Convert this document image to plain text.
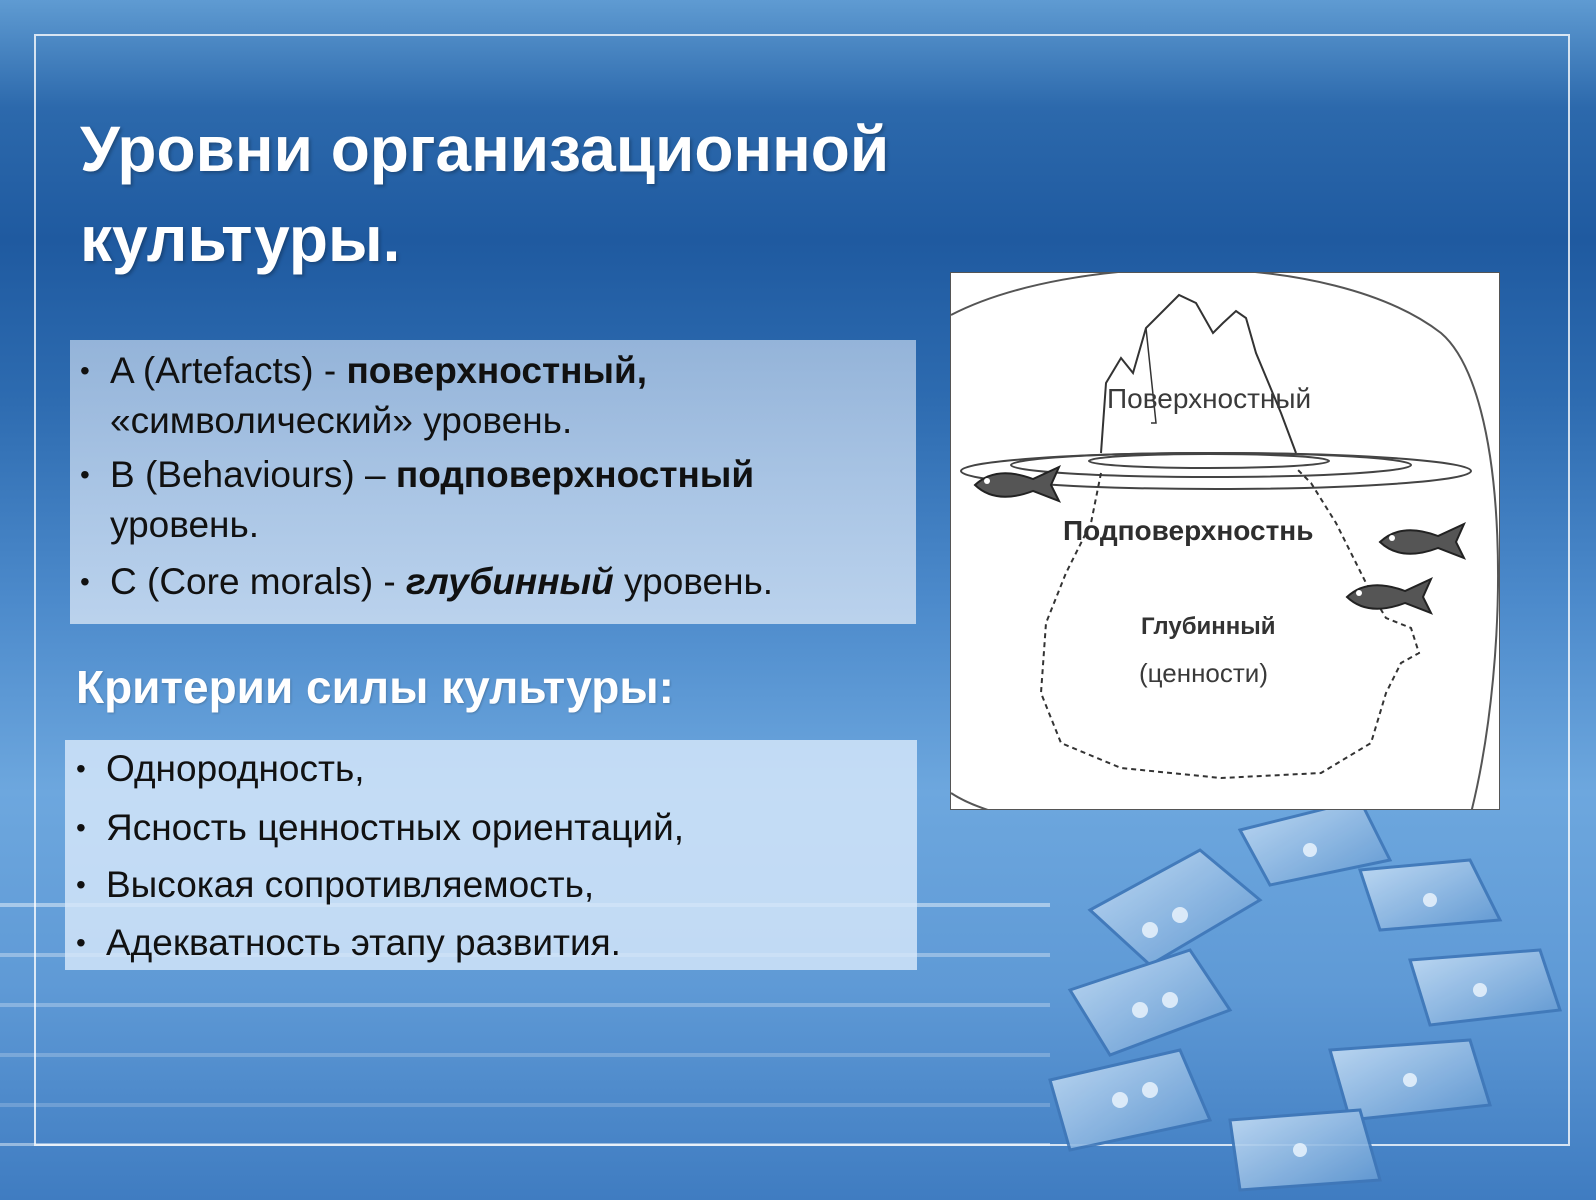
Уровни организационной культуры.
• A (Artefacts) - поверхностный, «символический» уровень.
• B (Behaviours) – подповерхностный уровень.
• C (Core morals) - глубинный уровень.
Критерии силы культуры:
• Однородность,
• Ясность ценностных ориентаций,
• Высокая сопротивляемость,
• Адекватность этапу развития.
Поверхностный
Подповерхностнь
Глубинный
(ценности)
